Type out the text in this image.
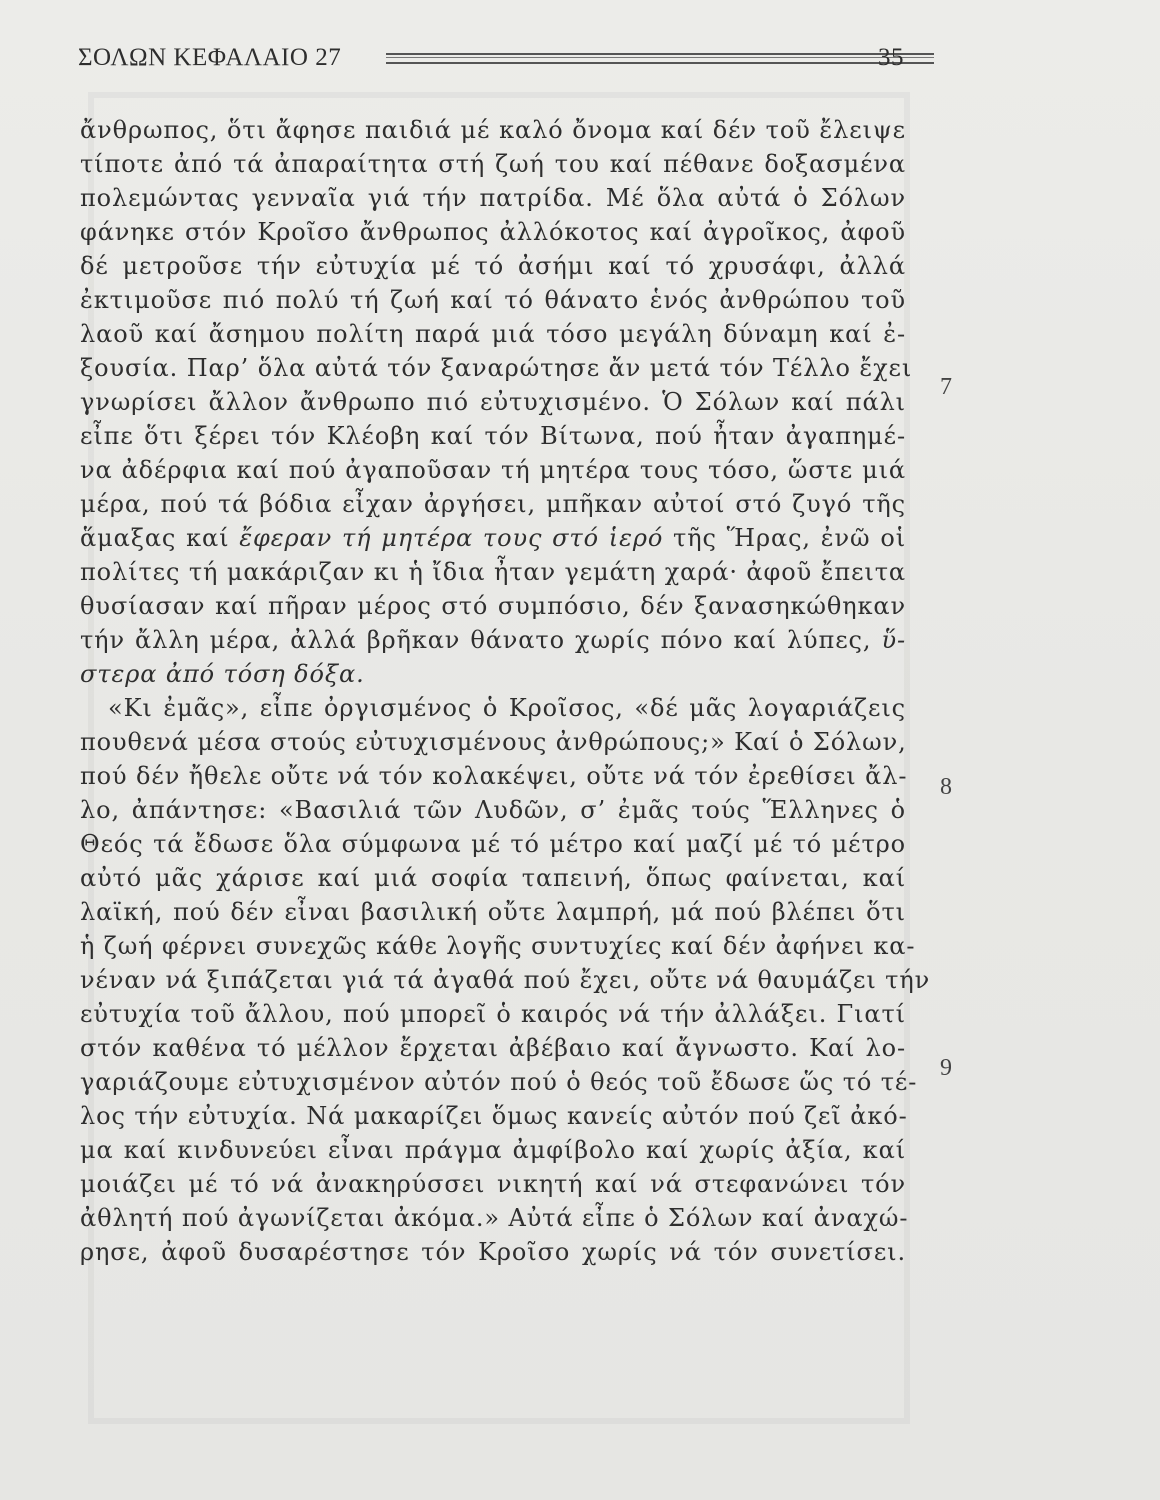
ΣΟΛΩΝ ΚΕΦΑΛΑΙΟ 27	35
ἄνθρωπος, ὅτι ἄφησε παιδιά μέ καλό ὄνομα καί δέν τοῦ ἔλειψε
τίποτε ἀπό τά ἀπαραίτητα στή ζωή του καί πέθανε δοξασμένα
πολεμώντας γενναῖα γιά τήν πατρίδα. Μέ ὅλα αὐτά ὁ Σόλων
φάνηκε στόν Κροῖσο ἄνθρωπος ἀλλόκοτος καί ἀγροῖκος, ἀφοῦ
δέ μετροῦσε τήν εὐτυχία μέ τό ἀσήμι καί τό χρυσάφι, ἀλλά
ἐκτιμοῦσε πιό πολύ τή ζωή καί τό θάνατο ἑνός ἀνθρώπου τοῦ
λαοῦ καί ἄσημου πολίτη παρά μιά τόσο μεγάλη δύναμη καί ἐ-
ξουσία. Παρ’ ὅλα αὐτά τόν ξαναρώτησε ἄν μετά τόν Τέλλο ἔχει
γνωρίσει ἄλλον ἄνθρωπο πιό εὐτυχισμένο. Ὁ Σόλων καί πάλι
εἶπε ὅτι ξέρει τόν Κλέοβη καί τόν Βίτωνα, πού ἦταν ἀγαπημέ-
να ἀδέρφια καί πού ἀγαποῦσαν τή μητέρα τους τόσο, ὥστε μιά
μέρα, πού τά βόδια εἶχαν ἀργήσει, μπῆκαν αὐτοί στό ζυγό τῆς
ἅμαξας καί ἔφεραν τή μητέρα τους στό ἱερό τῆς Ἥρας, ἐνῶ οἱ
πολίτες τή μακάριζαν κι ἡ ἴδια ἦταν γεμάτη χαρά· ἀφοῦ ἔπειτα
θυσίασαν καί πῆραν μέρος στό συμπόσιο, δέν ξανασηκώθηκαν
τήν ἄλλη μέρα, ἀλλά βρῆκαν θάνατο χωρίς πόνο καί λύπες, ὕ-
στερα ἀπό τόση δόξα.
«Κι ἐμᾶς», εἶπε ὀργισμένος ὁ Κροῖσος, «δέ μᾶς λογαριάζεις
πουθενά μέσα στούς εὐτυχισμένους ἀνθρώπους;» Καί ὁ Σόλων,
πού δέν ἤθελε οὔτε νά τόν κολακέψει, οὔτε νά τόν ἐρεθίσει ἄλ-
λο, ἀπάντησε: «Βασιλιά τῶν Λυδῶν, σ’ ἐμᾶς τούς Ἕλληνες ὁ
Θεός τά ἔδωσε ὅλα σύμφωνα μέ τό μέτρο καί μαζί μέ τό μέτρο
αὐτό μᾶς χάρισε καί μιά σοφία ταπεινή, ὅπως φαίνεται, καί
λαϊκή, πού δέν εἶναι βασιλική οὔτε λαμπρή, μά πού βλέπει ὅτι
ἡ ζωή φέρνει συνεχῶς κάθε λογῆς συντυχίες καί δέν ἀφήνει κα-
νέναν νά ξιπάζεται γιά τά ἀγαθά πού ἔχει, οὔτε νά θαυμάζει τήν
εὐτυχία τοῦ ἄλλου, πού μπορεῖ ὁ καιρός νά τήν ἀλλάξει. Γιατί
στόν καθένα τό μέλλον ἔρχεται ἀβέβαιο καί ἄγνωστο. Καί λο-
γαριάζουμε εὐτυχισμένον αὐτόν πού ὁ θεός τοῦ ἔδωσε ὥς τό τέ-
λος τήν εὐτυχία. Νά μακαρίζει ὅμως κανείς αὐτόν πού ζεῖ ἀκό-
μα καί κινδυνεύει εἶναι πράγμα ἀμφίβολο καί χωρίς ἀξία, καί
μοιάζει μέ τό νά ἀνακηρύσσει νικητή καί νά στεφανώνει τόν
ἀθλητή πού ἀγωνίζεται ἀκόμα.» Αὐτά εἶπε ὁ Σόλων καί ἀναχώ-
ρησε, ἀφοῦ δυσαρέστησε τόν Κροῖσο χωρίς νά τόν συνετίσει.
7
8
9
